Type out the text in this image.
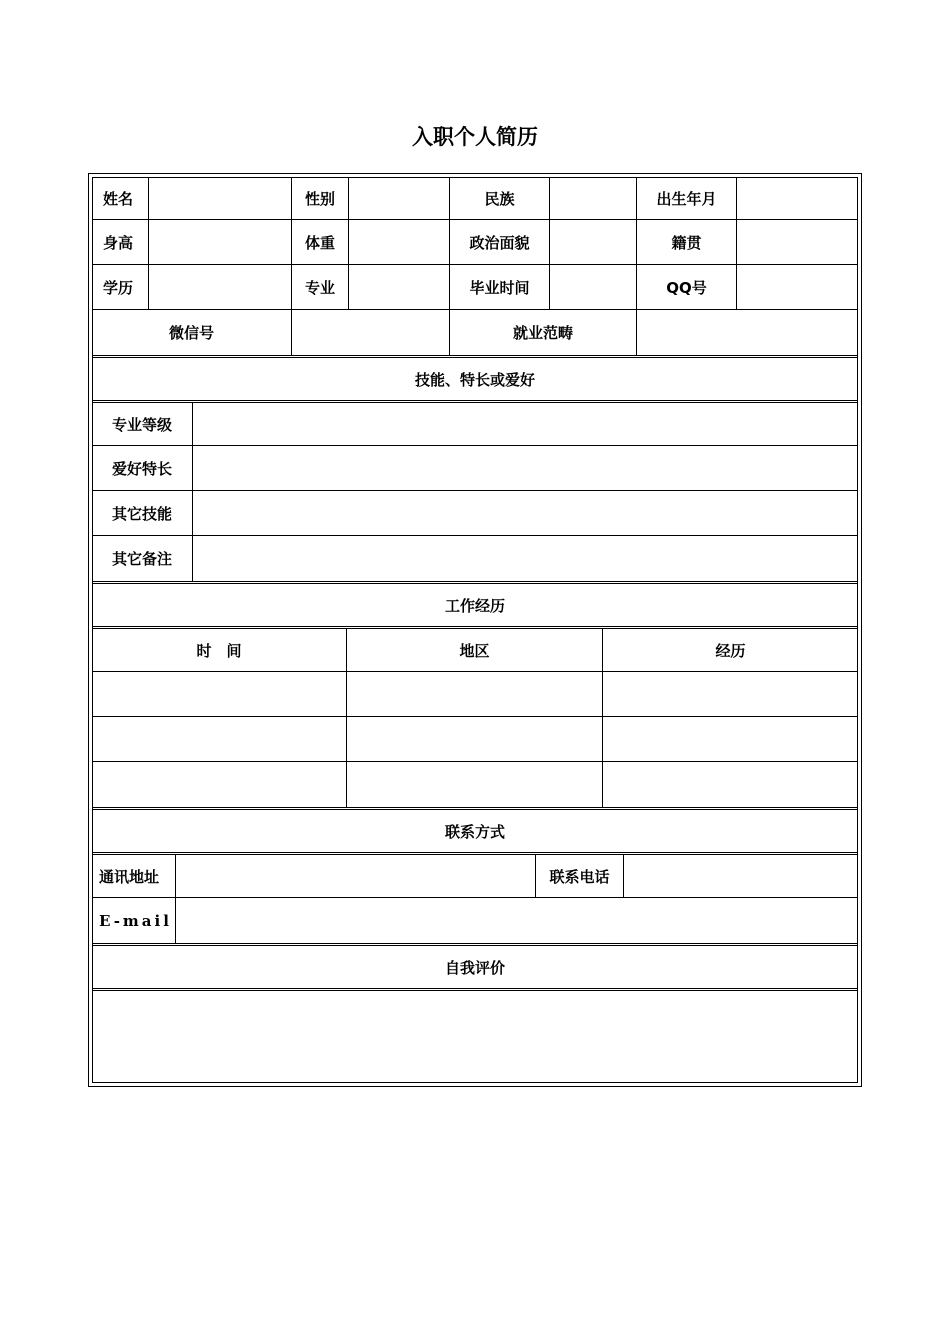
入职个人简历
姓名	性别	民族	出生年月
身高	体重	政治面貌	籍贯
学历	专业	毕业时间	QQ号
微信号	就业范畴
技能、特长或爱好
专业等级
爱好特长
其它技能
其它备注
工作经历
时　间	地区	经历
联系方式
通讯地址	联系电话
E-mail
自我评价
